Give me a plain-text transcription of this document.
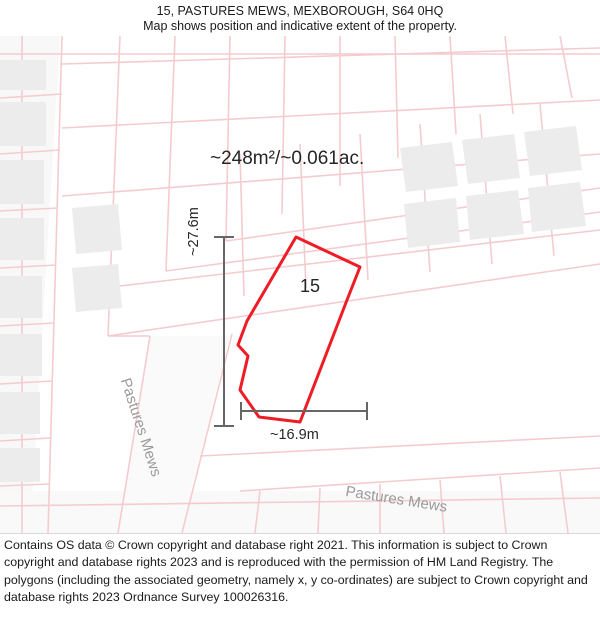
15, PASTURES MEWS, MEXBOROUGH, S64 0HQ
Map shows position and indicative extent of the property.
~248m²/~0.061ac.
15
~27.6m
~16.9m
Pastures Mews
Pastures Mews
Contains OS data © Crown copyright and database right 2021. This information is subject to Crown copyright and database rights 2023 and is reproduced with the permission of HM Land Registry. The polygons (including the associated geometry, namely x, y co-ordinates) are subject to Crown copyright and database rights 2023 Ordnance Survey 100026316.
